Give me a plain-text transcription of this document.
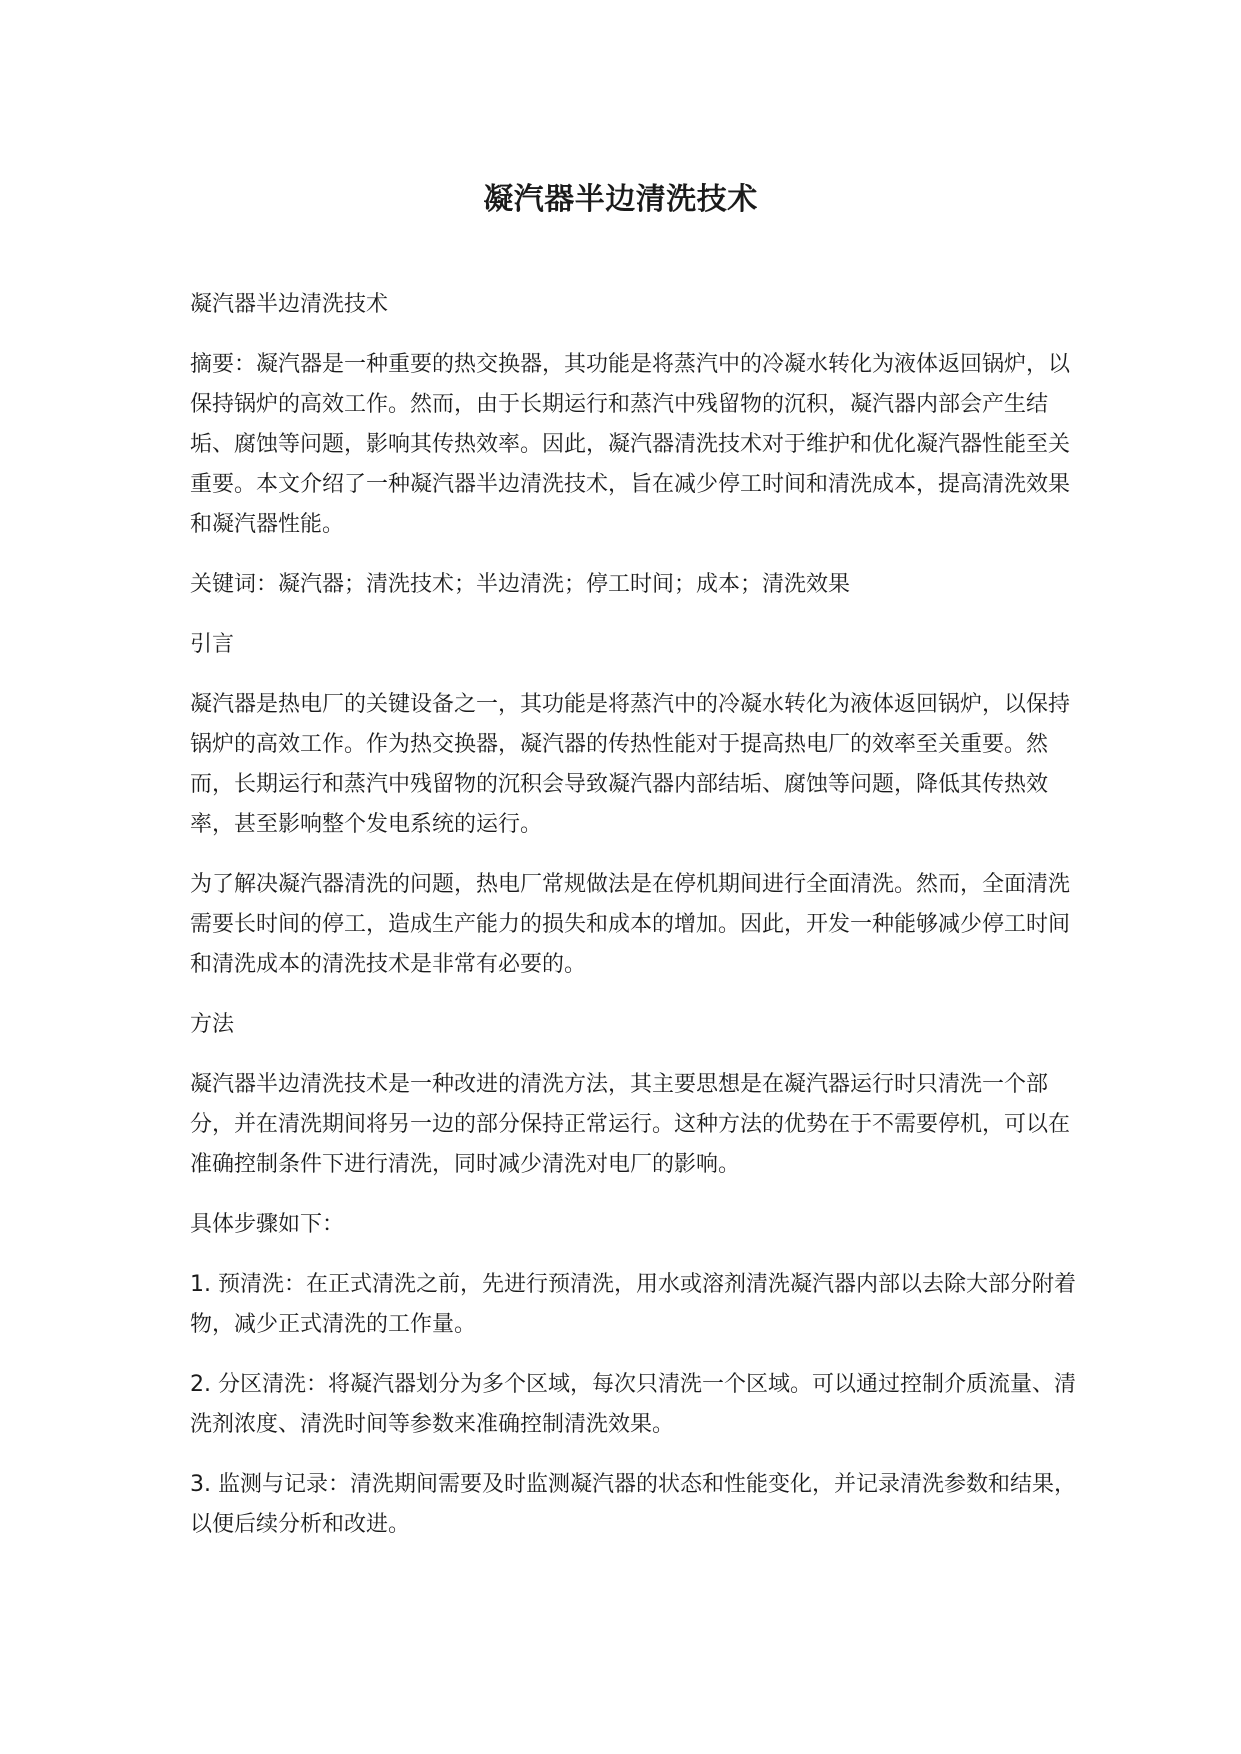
凝汽器半边清洗技术

凝汽器半边清洗技术

摘要：凝汽器是一种重要的热交换器，其功能是将蒸汽中的冷凝水转化为液体返回锅炉，以保持锅炉的高效工作。然而，由于长期运行和蒸汽中残留物的沉积，凝汽器内部会产生结垢、腐蚀等问题，影响其传热效率。因此，凝汽器清洗技术对于维护和优化凝汽器性能至关重要。本文介绍了一种凝汽器半边清洗技术，旨在减少停工时间和清洗成本，提高清洗效果和凝汽器性能。

关键词：凝汽器；清洗技术；半边清洗；停工时间；成本；清洗效果

引言

凝汽器是热电厂的关键设备之一，其功能是将蒸汽中的冷凝水转化为液体返回锅炉，以保持锅炉的高效工作。作为热交换器，凝汽器的传热性能对于提高热电厂的效率至关重要。然而，长期运行和蒸汽中残留物的沉积会导致凝汽器内部结垢、腐蚀等问题，降低其传热效率，甚至影响整个发电系统的运行。

为了解决凝汽器清洗的问题，热电厂常规做法是在停机期间进行全面清洗。然而，全面清洗需要长时间的停工，造成生产能力的损失和成本的增加。因此，开发一种能够减少停工时间和清洗成本的清洗技术是非常有必要的。

方法

凝汽器半边清洗技术是一种改进的清洗方法，其主要思想是在凝汽器运行时只清洗一个部分，并在清洗期间将另一边的部分保持正常运行。这种方法的优势在于不需要停机，可以在准确控制条件下进行清洗，同时减少清洗对电厂的影响。

具体步骤如下：

1. 预清洗：在正式清洗之前，先进行预清洗，用水或溶剂清洗凝汽器内部以去除大部分附着物，减少正式清洗的工作量。

2. 分区清洗：将凝汽器划分为多个区域，每次只清洗一个区域。可以通过控制介质流量、清洗剂浓度、清洗时间等参数来准确控制清洗效果。

3. 监测与记录：清洗期间需要及时监测凝汽器的状态和性能变化，并记录清洗参数和结果，以便后续分析和改进。
